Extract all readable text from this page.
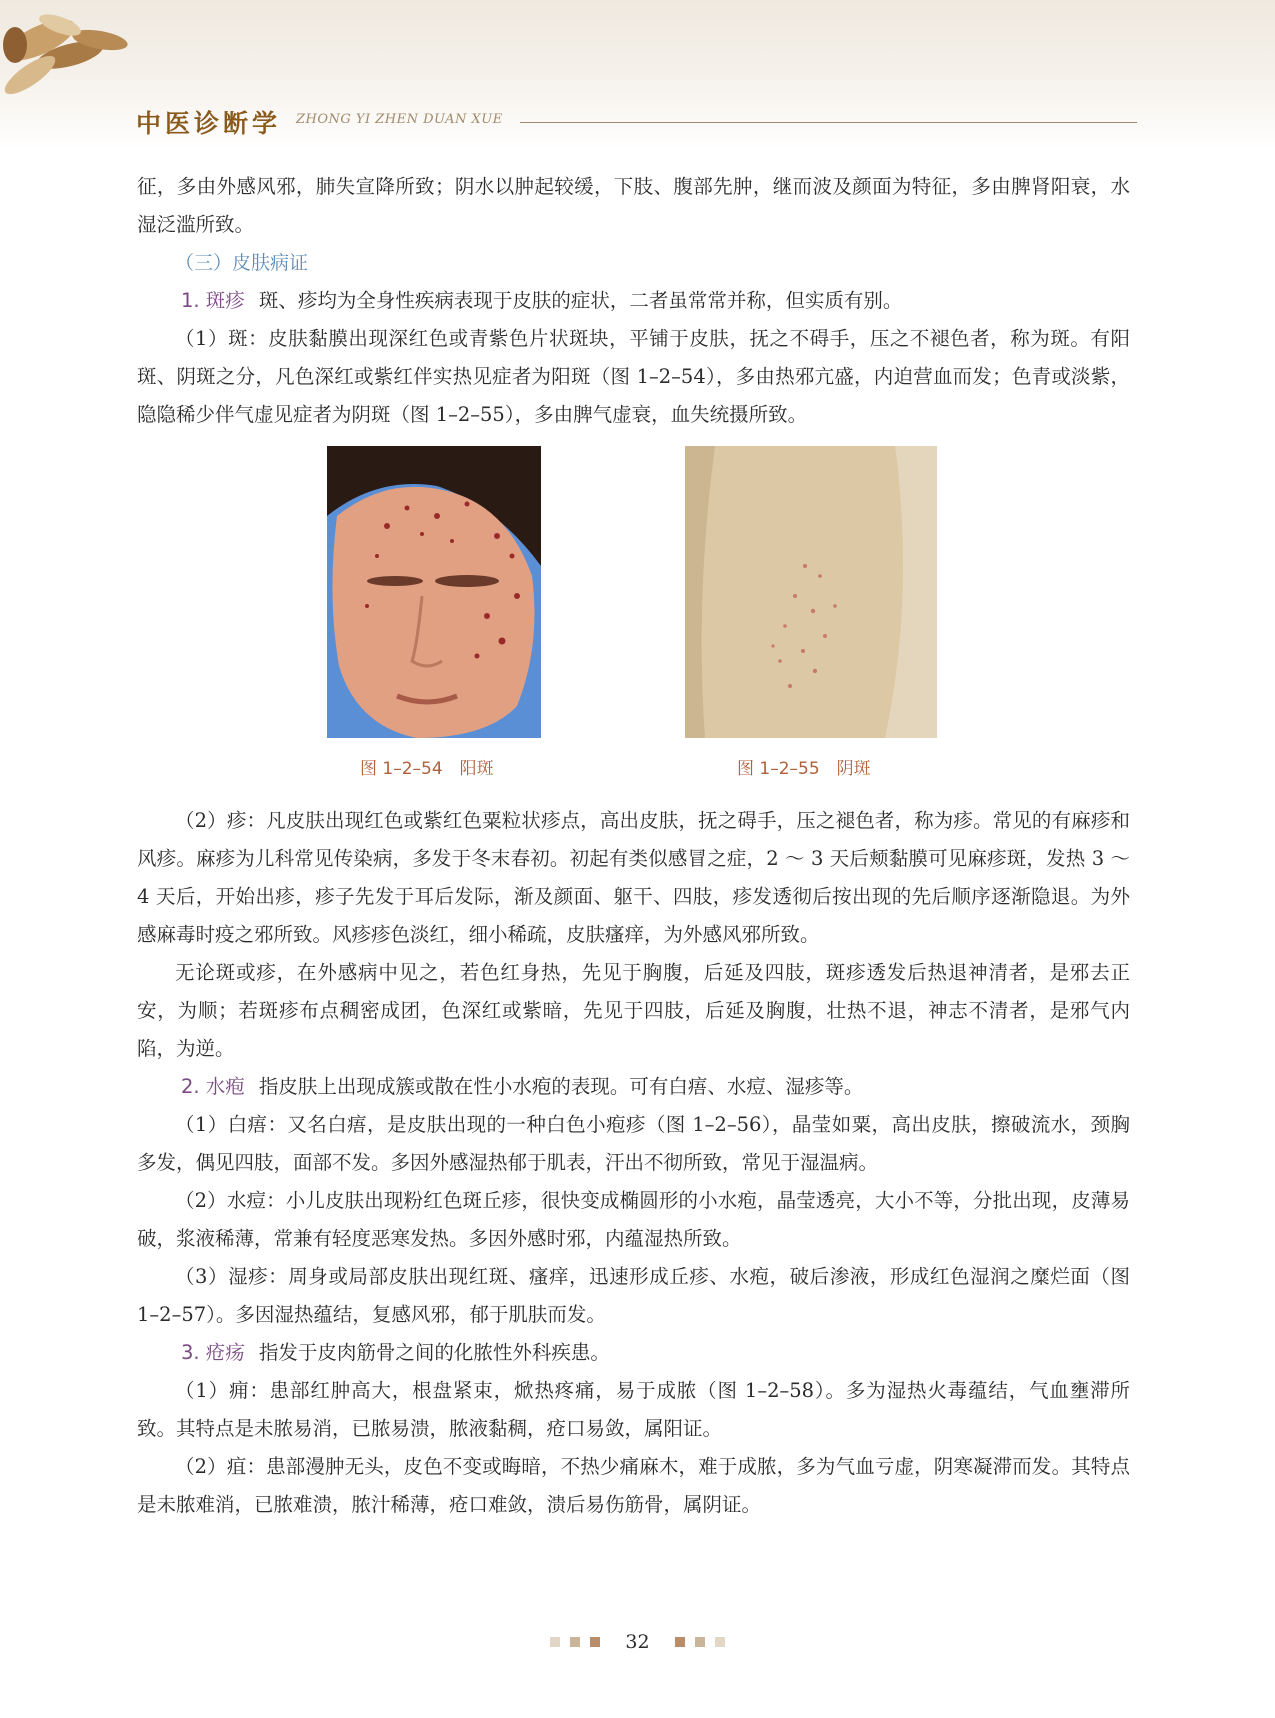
中医诊断学 ZHONG YI ZHEN DUAN XUE

征，多由外感风邪，肺失宣降所致；阴水以肿起较缓，下肢、腹部先肿，继而波及颜面为特征，多由脾肾阳衰，水湿泛滥所致。

（三）皮肤病证

1. 斑疹 斑、疹均为全身性疾病表现于皮肤的症状，二者虽常常并称，但实质有别。

（1）斑：皮肤黏膜出现深红色或青紫色片状斑块，平铺于皮肤，抚之不碍手，压之不褪色者，称为斑。有阳斑、阴斑之分，凡色深红或紫红伴实热见症者为阳斑（图 1–2–54），多由热邪亢盛，内迫营血而发；色青或淡紫，隐隐稀少伴气虚见症者为阴斑（图 1–2–55），多由脾气虚衰，血失统摄所致。

图 1–2–54　阳斑	图 1–2–55　阴斑

（2）疹：凡皮肤出现红色或紫红色粟粒状疹点，高出皮肤，抚之碍手，压之褪色者，称为疹。常见的有麻疹和风疹。麻疹为儿科常见传染病，多发于冬末春初。初起有类似感冒之症，2 ～ 3 天后颊黏膜可见麻疹斑，发热 3 ～ 4 天后，开始出疹，疹子先发于耳后发际，渐及颜面、躯干、四肢，疹发透彻后按出现的先后顺序逐渐隐退。为外感麻毒时疫之邪所致。风疹疹色淡红，细小稀疏，皮肤瘙痒，为外感风邪所致。

无论斑或疹，在外感病中见之，若色红身热，先见于胸腹，后延及四肢，斑疹透发后热退神清者，是邪去正安，为顺；若斑疹布点稠密成团，色深红或紫暗，先见于四肢，后延及胸腹，壮热不退，神志不清者，是邪气内陷，为逆。

2. 水疱 指皮肤上出现成簇或散在性小水疱的表现。可有白痦、水痘、湿疹等。

（1）白痦：又名白痦，是皮肤出现的一种白色小疱疹（图 1–2–56），晶莹如粟，高出皮肤，擦破流水，颈胸多发，偶见四肢，面部不发。多因外感湿热郁于肌表，汗出不彻所致，常见于湿温病。

（2）水痘：小儿皮肤出现粉红色斑丘疹，很快变成椭圆形的小水疱，晶莹透亮，大小不等，分批出现，皮薄易破，浆液稀薄，常兼有轻度恶寒发热。多因外感时邪，内蕴湿热所致。

（3）湿疹：周身或局部皮肤出现红斑、瘙痒，迅速形成丘疹、水疱，破后渗液，形成红色湿润之糜烂面（图 1–2–57）。多因湿热蕴结，复感风邪，郁于肌肤而发。

3. 疮疡 指发于皮肉筋骨之间的化脓性外科疾患。

（1）痈：患部红肿高大，根盘紧束，焮热疼痛，易于成脓（图 1–2–58）。多为湿热火毒蕴结，气血壅滞所致。其特点是未脓易消，已脓易溃，脓液黏稠，疮口易敛，属阳证。

（2）疽：患部漫肿无头，皮色不变或晦暗，不热少痛麻木，难于成脓，多为气血亏虚，阴寒凝滞而发。其特点是未脓难消，已脓难溃，脓汁稀薄，疮口难敛，溃后易伤筋骨，属阴证。

32
